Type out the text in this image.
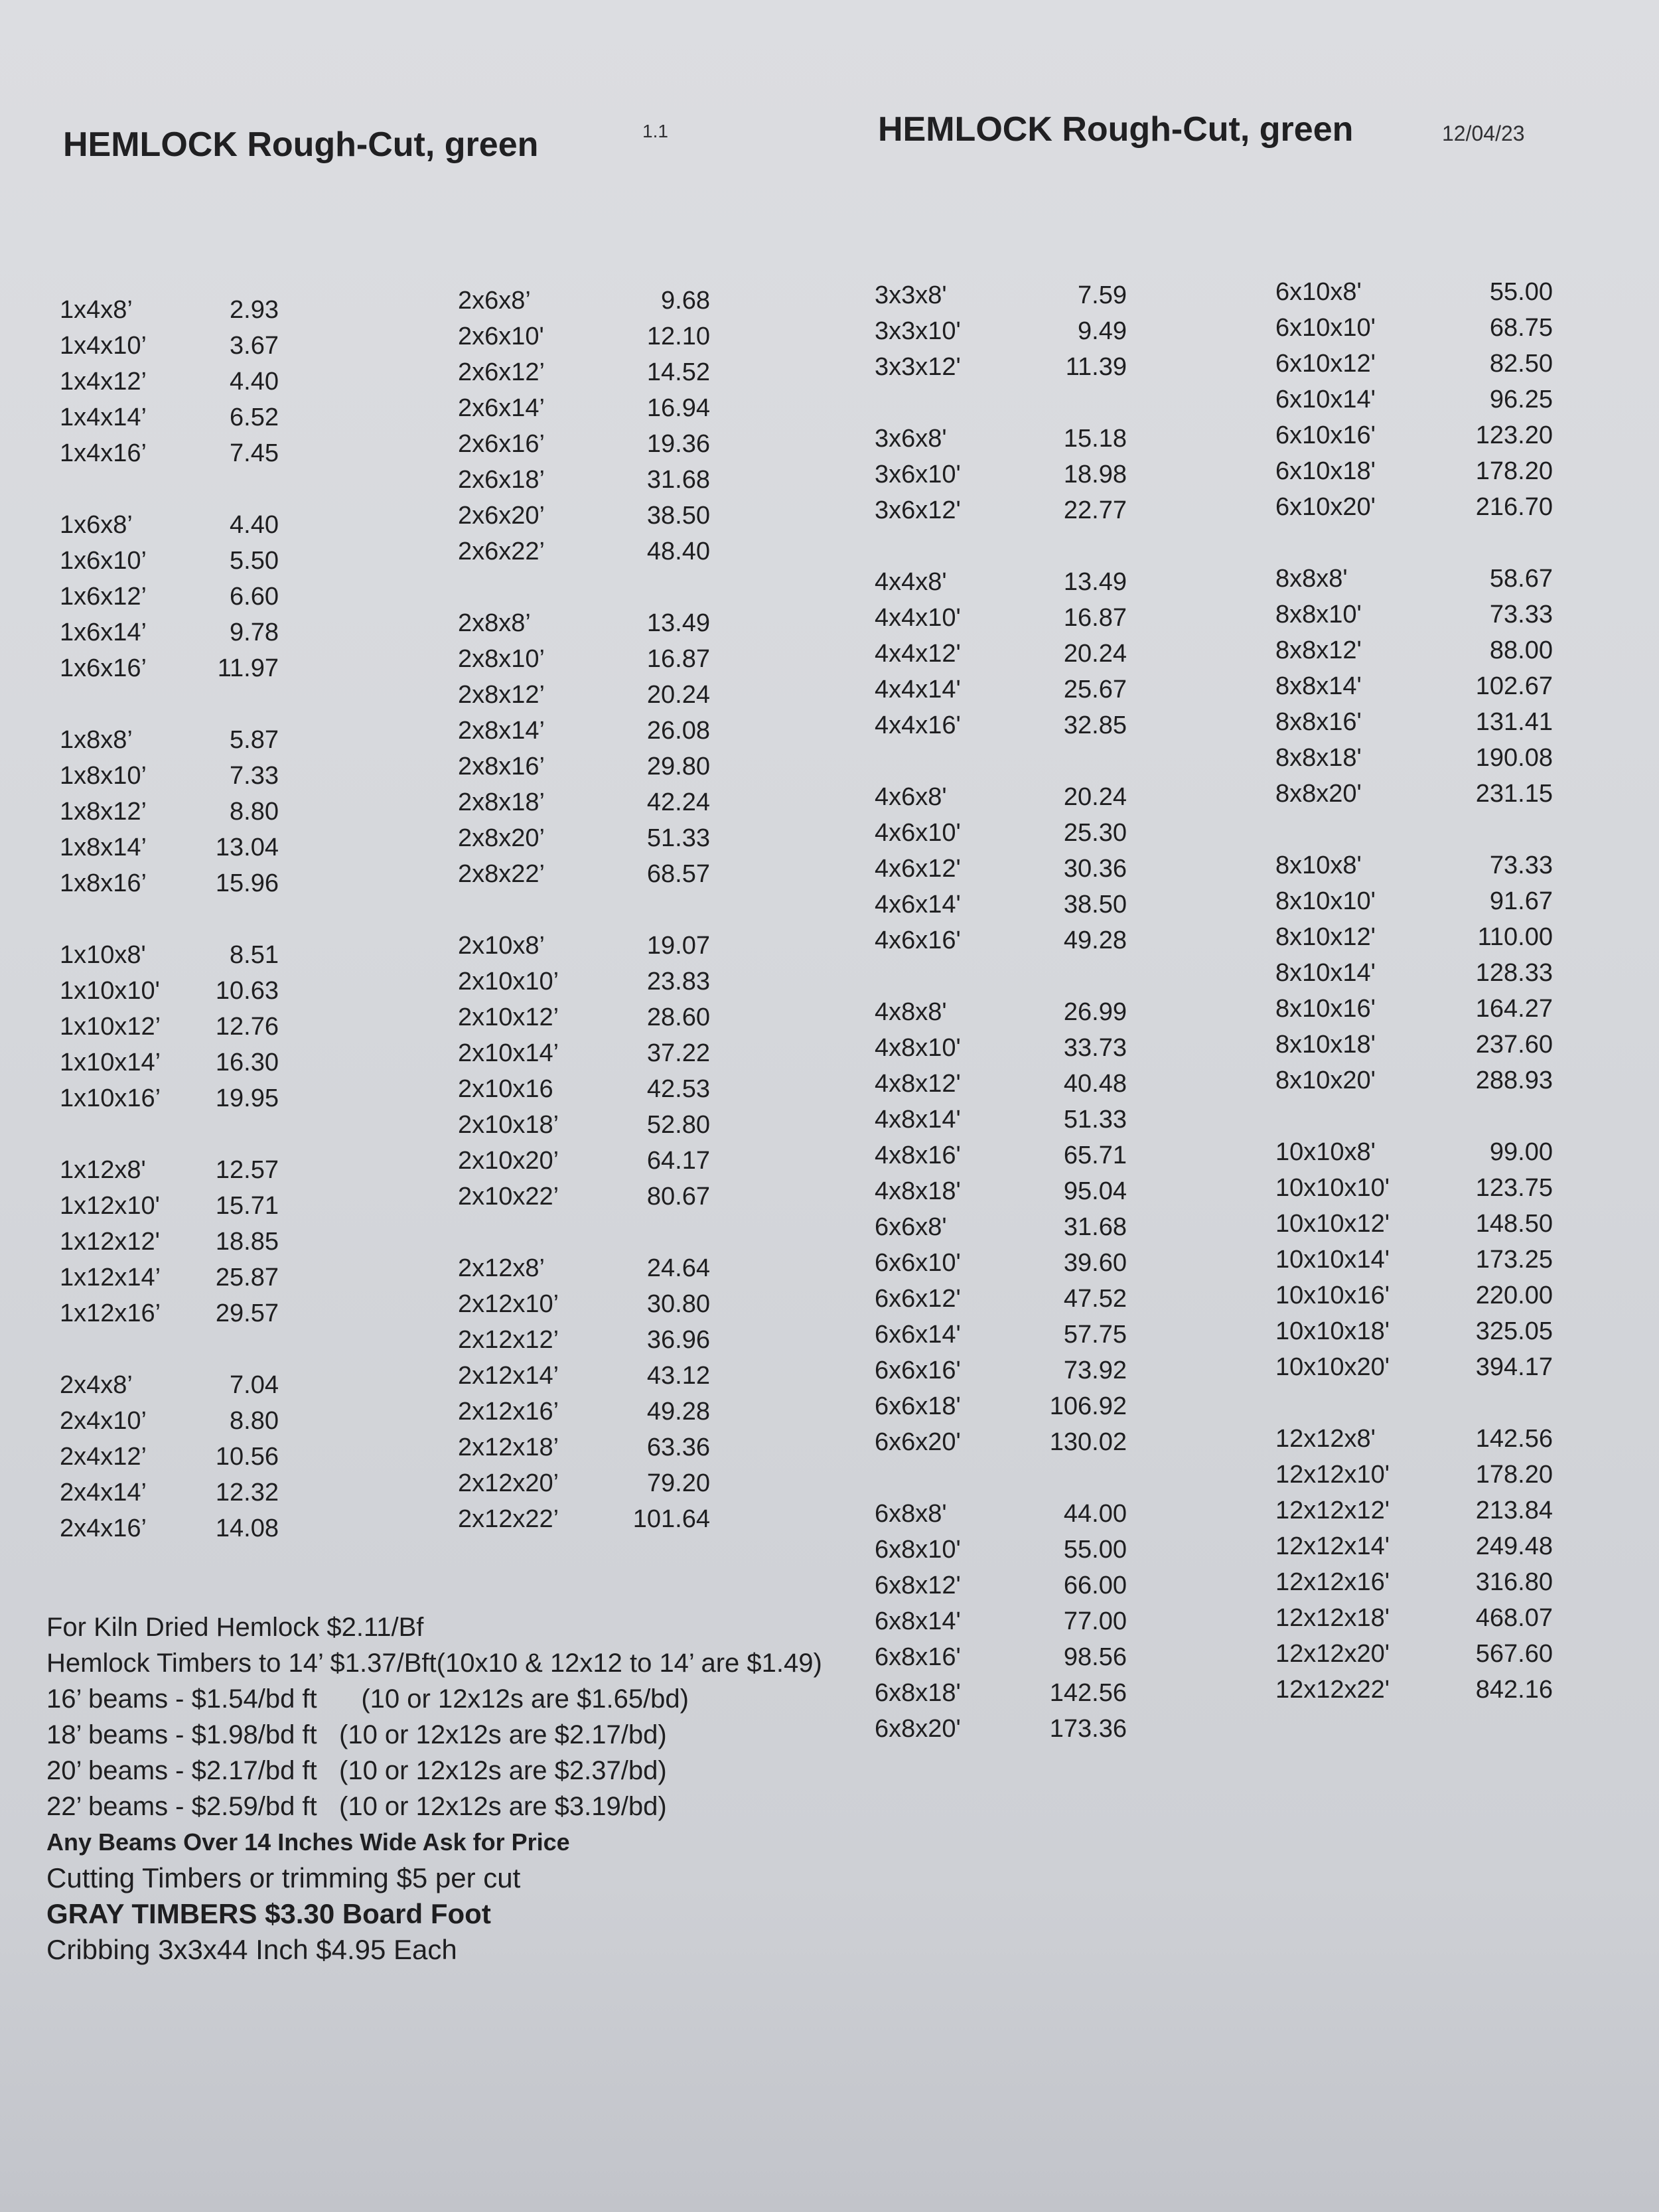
HEMLOCK Rough-Cut, green	1.1	HEMLOCK Rough-Cut, green	12/04/23
1x4x8’	2.93
1x4x10’	3.67
1x4x12’	4.40
1x4x14’	6.52
1x4x16’	7.45
1x6x8’	4.40
1x6x10’	5.50
1x6x12’	6.60
1x6x14’	9.78
1x6x16’	11.97
1x8x8’	5.87
1x8x10’	7.33
1x8x12’	8.80
1x8x14’	13.04
1x8x16’	15.96
1x10x8'	8.51
1x10x10' 10.63
1x10x12’ 12.76
1x10x14’ 16.30
1x10x16’ 19.95
1x12x8'	12.57
1x12x10' 15.71
1x12x12' 18.85
1x12x14’ 25.87
1x12x16’ 29.57
2x4x8’	7.04
2x4x10’	8.80
2x4x12’	10.56
2x4x14’	12.32
2x4x16’	14.08
2x6x8’	9.68
2x6x10'	12.10
2x6x12’	14.52
2x6x14’	16.94
2x6x16’	19.36
2x6x18’	31.68
2x6x20’	38.50
2x6x22’	48.40
2x8x8’	13.49
2x8x10’	16.87
2x8x12’	20.24
2x8x14’	26.08
2x8x16’	29.80
2x8x18’	42.24
2x8x20’	51.33
2x8x22’	68.57
2x10x8’	19.07
2x10x10’	23.83
2x10x12’	28.60
2x10x14’	37.22
2x10x16	42.53
2x10x18’	52.80
2x10x20’	64.17
2x10x22’	80.67
2x12x8’	24.64
2x12x10’	30.80
2x12x12’	36.96
2x12x14’	43.12
2x12x16’	49.28
2x12x18’	63.36
2x12x20’	79.20
2x12x22’	101.64
3x3x8'	7.59
3x3x10'	9.49
3x3x12'	11.39
3x6x8'	15.18
3x6x10'	18.98
3x6x12'	22.77
4x4x8'	13.49
4x4x10'	16.87
4x4x12'	20.24
4x4x14'	25.67
4x4x16'	32.85
4x6x8'	20.24
4x6x10'	25.30
4x6x12'	30.36
4x6x14'	38.50
4x6x16'	49.28
4x8x8'	26.99
4x8x10'	33.73
4x8x12'	40.48
4x8x14'	51.33
4x8x16'	65.71
4x8x18'	95.04
6x6x8'	31.68
6x6x10'	39.60
6x6x12'	47.52
6x6x14'	57.75
6x6x16'	73.92
6x6x18'	106.92
6x6x20'	130.02
6x8x8'	44.00
6x8x10'	55.00
6x8x12'	66.00
6x8x14'	77.00
6x8x16'	98.56
6x8x18'	142.56
6x8x20'	173.36
6x10x8'	55.00
6x10x10'	68.75
6x10x12'	82.50
6x10x14'	96.25
6x10x16'	123.20
6x10x18'	178.20
6x10x20'	216.70
8x8x8'	58.67
8x8x10'	73.33
8x8x12'	88.00
8x8x14'	102.67
8x8x16'	131.41
8x8x18'	190.08
8x8x20'	231.15
8x10x8'	73.33
8x10x10'	91.67
8x10x12'	110.00
8x10x14'	128.33
8x10x16'	164.27
8x10x18'	237.60
8x10x20'	288.93
10x10x8'	99.00
10x10x10'	123.75
10x10x12'	148.50
10x10x14'	173.25
10x10x16'	220.00
10x10x18'	325.05
10x10x20'	394.17
12x12x8'	142.56
12x12x10'	178.20
12x12x12'	213.84
12x12x14'	249.48
12x12x16'	316.80
12x12x18'	468.07
12x12x20'	567.60
12x12x22'	842.16
For Kiln Dried Hemlock $2.11/Bf
Hemlock Timbers to 14’ $1.37/Bft(10x10 & 12x12 to 14’ are $1.49)
16’ beams - $1.54/bd ft      (10 or 12x12s are $1.65/bd)
18’ beams - $1.98/bd ft   (10 or 12x12s are $2.17/bd)
20’ beams - $2.17/bd ft   (10 or 12x12s are $2.37/bd)
22’ beams - $2.59/bd ft   (10 or 12x12s are $3.19/bd)
Any Beams Over 14 Inches Wide Ask for Price
Cutting Timbers or trimming $5 per cut
GRAY TIMBERS $3.30 Board Foot
Cribbing 3x3x44 Inch $4.95 Each
